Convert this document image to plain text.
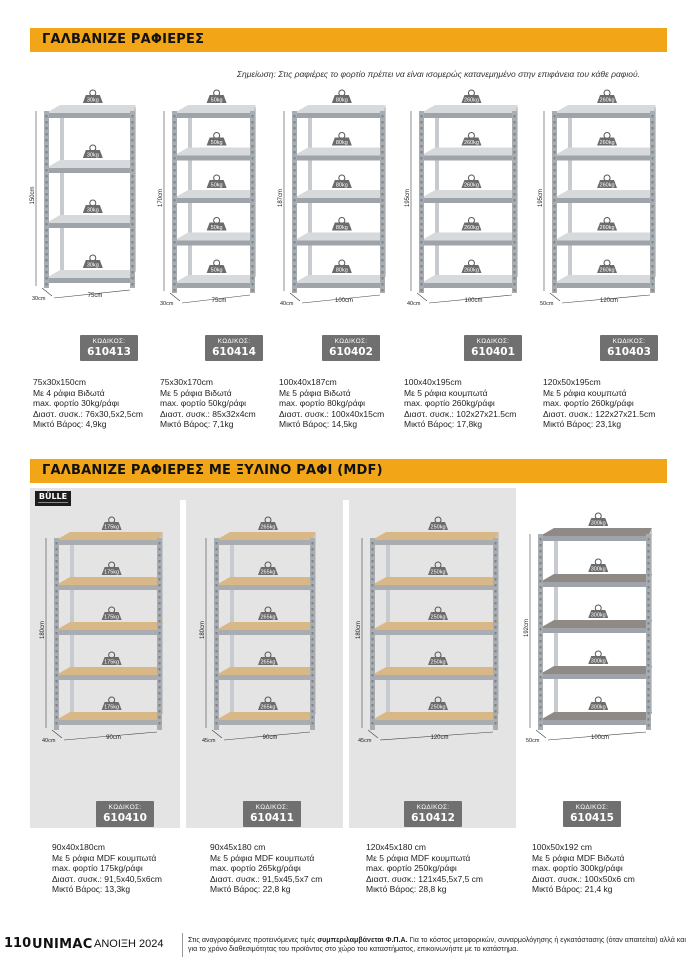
ΓΑΛΒΑΝΙΖΕ ΡΑΦΙΕΡΕΣ
Σημείωση: Στις ραφιέρες το φορτίο πρέπει να είναι ισομερώς κατανεμημένο στην επιφάνεια του κάθε ραφιού.
30kg
30kg
30kg
30kg
150cm
75cm
30cm
ΚΩΔΙΚΟΣ:
610413
75x30x150cm
Με 4 ράφια Βιδωτά
max. φορτίο 30kg/ράφι
Διαστ. συσκ.: 76x30,5x2,5cm
Μικτό Βάρος: 4,9kg
50kg
50kg
50kg
50kg
50kg
170cm
75cm
30cm
ΚΩΔΙΚΟΣ:
610414
75x30x170cm
Με 5 ράφια Βιδωτά
max. φορτίο 50kg/ράφι
Διαστ. συσκ.: 85x32x4cm
Μικτό Βάρος: 7,1kg
80kg
80kg
80kg
80kg
80kg
187cm
100cm
40cm
ΚΩΔΙΚΟΣ:
610402
100x40x187cm
Με 5 ράφια Βιδωτά
max. φορτίο 80kg/ράφι
Διαστ. συσκ.: 100x40x15cm
Μικτό Βάρος: 14,5kg
260kg
260kg
260kg
260kg
260kg
195cm
100cm
40cm
ΚΩΔΙΚΟΣ:
610401
100x40x195cm
Με 5 ράφια κουμπωτά
max. φορτίο 260kg/ράφι
Διαστ. συσκ.: 102x27x21.5cm
Μικτό Βάρος: 17,8kg
260kg
260kg
260kg
260kg
260kg
195cm
120cm
50cm
ΚΩΔΙΚΟΣ:
610403
120x50x195cm
Με 5 ράφια κουμπωτά
max. φορτίο 260kg/ράφι
Διαστ. συσκ.: 122x27x21.5cm
Μικτό Βάρος: 23,1kg
ΓΑΛΒΑΝΙΖΕ ΡΑΦΙΕΡΕΣ ΜΕ ΞΥΛΙΝΟ ΡΑΦΙ (MDF)
BÜLLE
175kg
175kg
175kg
175kg
175kg
180cm
90cm
40cm
ΚΩΔΙΚΟΣ:
610410
90x40x180cm
Με 5 ράφια MDF κουμπωτά
max. φορτίο 175kg/ράφι
Διαστ. συσκ.: 91,5x40,5x6cm
Μικτό Βάρος: 13,3kg
265kg
265kg
265kg
265kg
265kg
180cm
90cm
45cm
ΚΩΔΙΚΟΣ:
610411
90x45x180 cm
Με 5 ράφια MDF κουμπωτά
max. φορτίο 265kg/ράφι
Διαστ. συσκ.: 91,5x45,5x7 cm
Μικτό Βάρος: 22,8 kg
250kg
250kg
250kg
250kg
250kg
180cm
120cm
45cm
ΚΩΔΙΚΟΣ:
610412
120x45x180 cm
Με 5 ράφια MDF κουμπωτά
max. φορτίο 250kg/ράφι
Διαστ. συσκ.: 121x45,5x7,5 cm
Μικτό Βάρος: 28,8 kg
300kg
300kg
300kg
300kg
300kg
192cm
100cm
50cm
ΚΩΔΙΚΟΣ:
610415
100x50x192 cm
Με 5 ράφια MDF Βιδωτά
max. φορτίο 300kg/ράφι
Διαστ. συσκ.: 100x50x6 cm
Μικτό Βάρος: 21,4 kg
110 UNIMAC ΑΝΟΙΞΗ 2024	Στις αναγραφόμενες προτεινόμενες τιμές συμπεριλαμβάνεται Φ.Π.Α. Για το κόστος μεταφορικών, συναρμολόγησης ή εγκατάστασης (όταν απαιτείται) αλλά και για το χρόνο διαθεσιμότητας του προϊόντος στο χώρο του καταστήματος, επικοινωνήστε με το κατάστημα.
